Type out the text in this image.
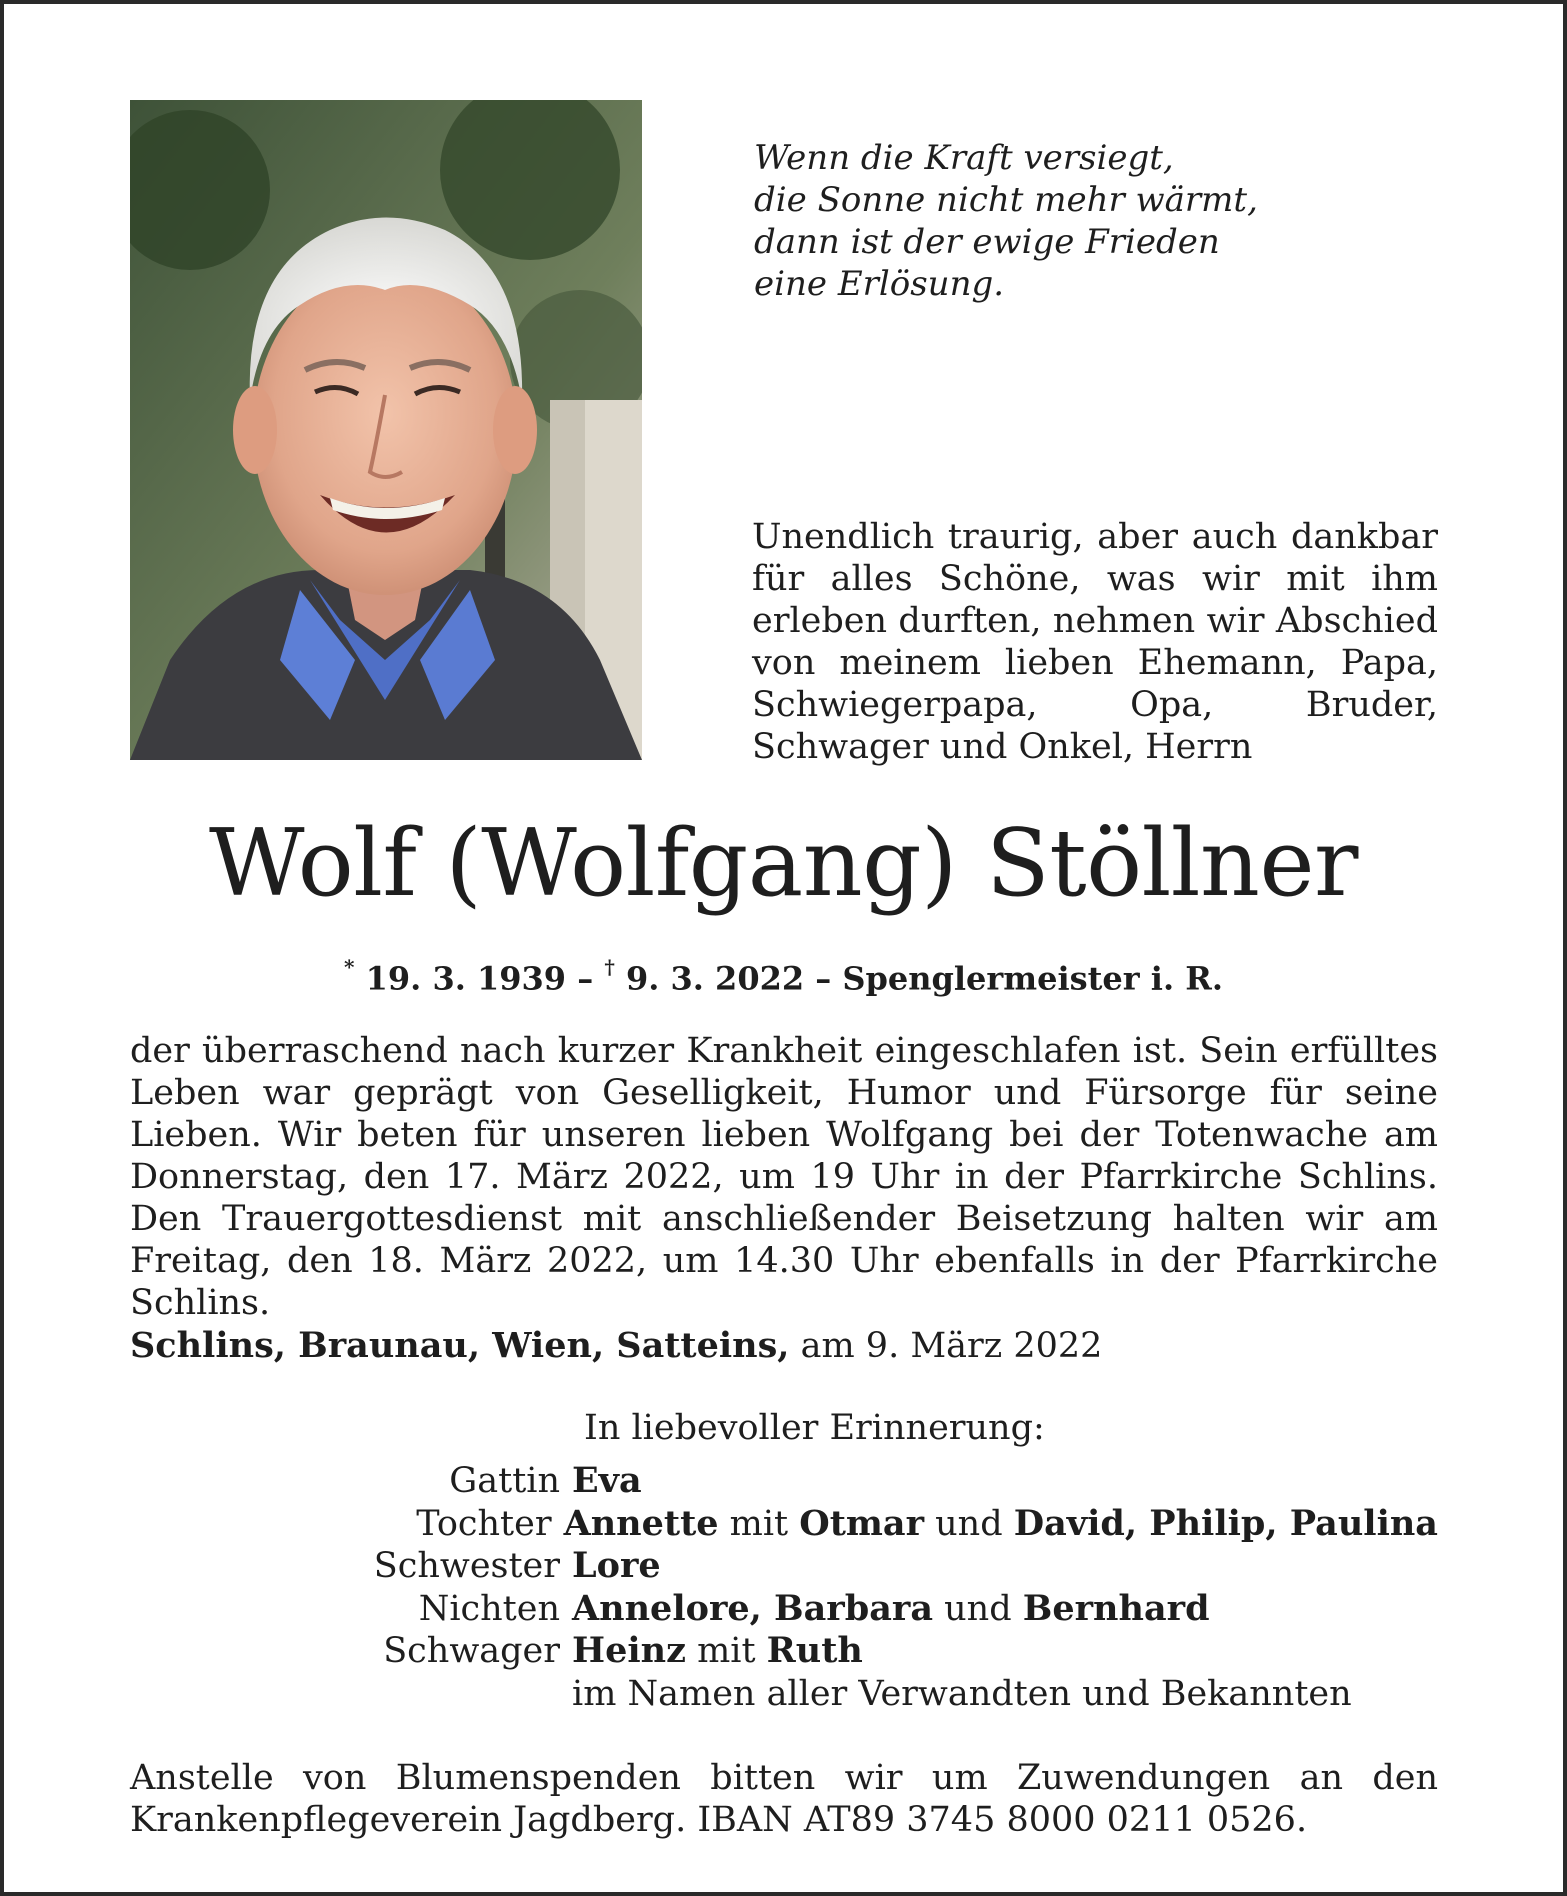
Wenn die Kraft versiegt,
die Sonne nicht mehr wärmt,
dann ist der ewige Frieden
eine Erlösung.
Unendlich traurig, aber auch dankbar für alles Schöne, was wir mit ihm erleben durften, nehmen wir Abschied von meinem lieben Ehemann, Papa, Schwiegerpapa, Opa, Bruder, Schwager und Onkel, Herrn
Wolf (Wolfgang) Stöllner
* 19. 3. 1939 – † 9. 3. 2022 – Spenglermeister i. R.
der überraschend nach kurzer Krankheit eingeschlafen ist. Sein erfülltes Leben war geprägt von Geselligkeit, Humor und Fürsorge für seine Lieben. Wir beten für unseren lieben Wolfgang bei der Totenwache am Donnerstag, den 17. März 2022, um 19 Uhr in der Pfarrkirche Schlins. Den Trauergottesdienst mit anschließender Beisetzung halten wir am Freitag, den 18. März 2022, um 14.30 Uhr ebenfalls in der Pfarrkirche Schlins.
Schlins, Braunau, Wien, Satteins, am 9. März 2022
In liebevoller Erinnerung:
Gattin Eva
Tochter Annette mit Otmar und David, Philip, Paulina
Schwester Lore
Nichten Annelore, Barbara und Bernhard
Schwager Heinz mit Ruth
im Namen aller Verwandten und Bekannten
Anstelle von Blumenspenden bitten wir um Zuwendungen an den Krankenpflegeverein Jagdberg. IBAN AT89 3745 8000 0211 0526.
